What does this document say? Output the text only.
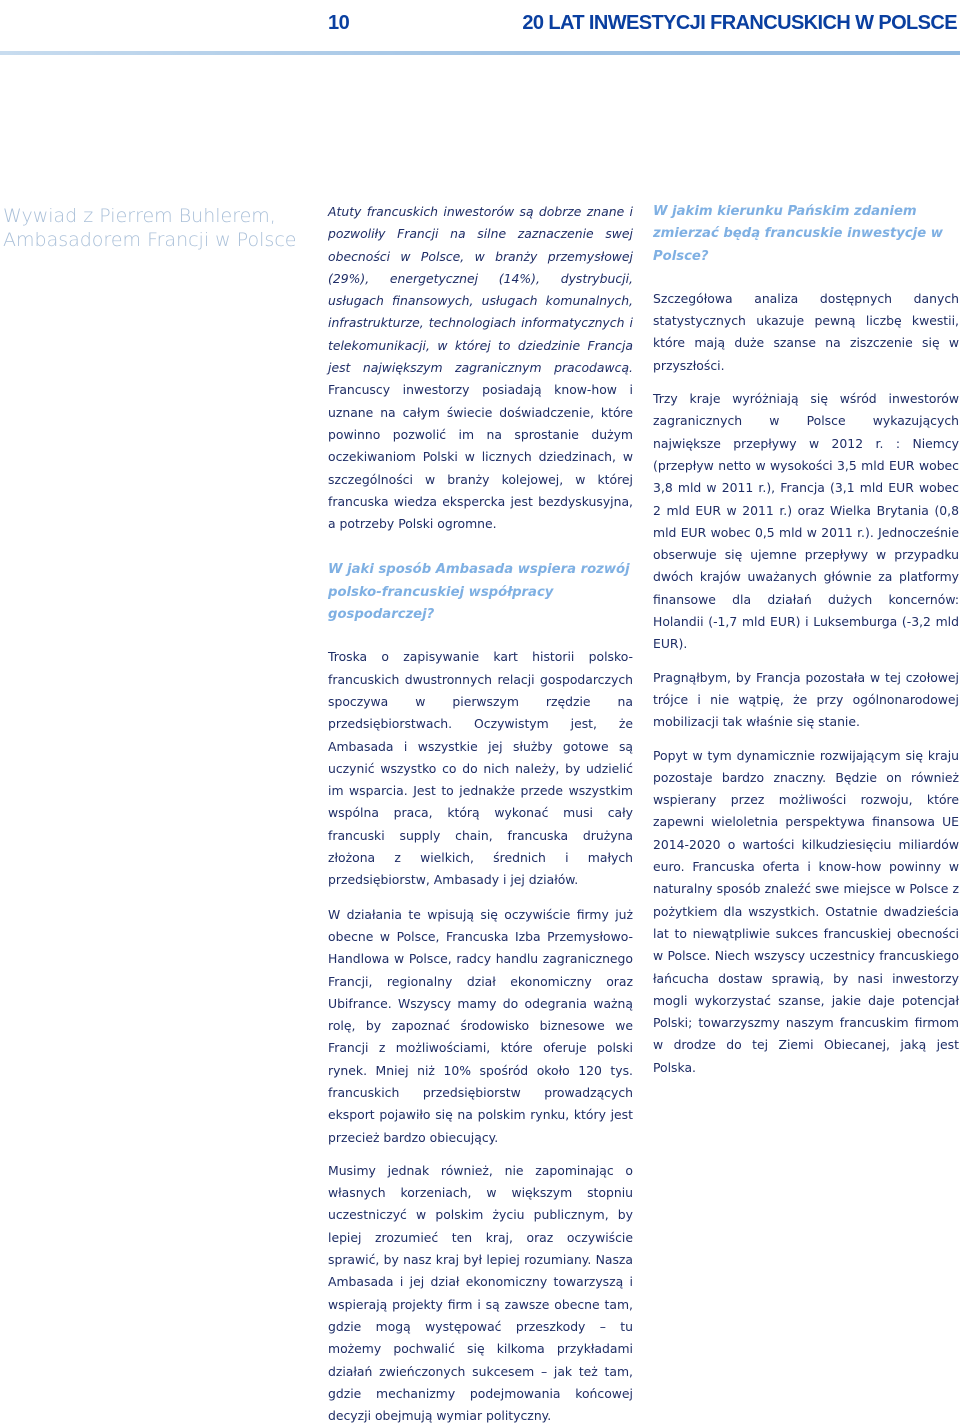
10	20 LAT INWESTYCJI FRANCUSKICH W POLSCE
Wywiad z Pierrem Buhlerem, Ambasadorem Francji w Polsce

Atuty francuskich inwestorów są dobrze znane i pozwoliły Francji na silne zaznaczenie swej obecności w Polsce, w branży przemysłowej (29%), energetycznej (14%), dystrybucji, usługach finansowych, usługach komunalnych, infrastrukturze, technologiach informatycznych i telekomunikacji, w której to dziedzinie Francja jest największym zagranicznym pracodawcą. Francuscy inwestorzy posiadają know-how i uznane na całym świecie doświadczenie, które powinno pozwolić im na sprostanie dużym oczekiwaniom Polski w licznych dziedzinach, w szczególności w branży kolejowej, w której francuska wiedza ekspercka jest bezdyskusyjna, a potrzeby Polski ogromne.

W jaki sposób Ambasada wspiera rozwój polsko-francuskiej współpracy gospodarczej?

Troska o zapisywanie kart historii polsko-francuskich dwustronnych relacji gospodarczych spoczywa w pierwszym rzędzie na przedsiębiorstwach. Oczywistym jest, że Ambasada i wszystkie jej służby gotowe są uczynić wszystko co do nich należy, by udzielić im wsparcia. Jest to jednakże przede wszystkim wspólna praca, którą wykonać musi cały francuski supply chain, francuska drużyna złożona z wielkich, średnich i małych przedsiębiorstw, Ambasady i jej działów.

W działania te wpisują się oczywiście firmy już obecne w Polsce, Francuska Izba Przemysłowo-Handlowa w Polsce, radcy handlu zagranicznego Francji, regionalny dział ekonomiczny oraz Ubifrance. Wszyscy mamy do odegrania ważną rolę, by zapoznać środowisko biznesowe we Francji z możliwościami, które oferuje polski rynek. Mniej niż 10% spośród około 120 tys. francuskich przedsiębiorstw prowadzących eksport pojawiło się na polskim rynku, który jest przecież bardzo obiecujący.

Musimy jednak również, nie zapominając o własnych korzeniach, w większym stopniu uczestniczyć w polskim życiu publicznym, by lepiej zrozumieć ten kraj, oraz oczywiście sprawić, by nasz kraj był lepiej rozumiany. Nasza Ambasada i jej dział ekonomiczny towarzyszą i wspierają projekty firm i są zawsze obecne tam, gdzie mogą występować przeszkody – tu możemy pochwalić się kilkoma przykładami działań zwieńczonych sukcesem – jak też tam, gdzie mechanizmy podejmowania końcowej decyzji obejmują wymiar polityczny.

W jakim kierunku Pańskim zdaniem zmierzać będą francuskie inwestycje w Polsce?

Szczegółowa analiza dostępnych danych statystycznych ukazuje pewną liczbę kwestii, które mają duże szanse na ziszczenie się w przyszłości.

Trzy kraje wyróżniają się wśród inwestorów zagranicznych w Polsce wykazujących największe przepływy w 2012 r. : Niemcy (przepływ netto w wysokości 3,5 mld EUR wobec 3,8 mld w 2011 r.), Francja (3,1 mld EUR wobec 2 mld EUR w 2011 r.) oraz Wielka Brytania (0,8 mld EUR wobec 0,5 mld w 2011 r.). Jednocześnie obserwuje się ujemne przepływy w przypadku dwóch krajów uważanych głównie za platformy finansowe dla działań dużych koncernów: Holandii (-1,7 mld EUR) i Luksemburga (-3,2 mld EUR).

Pragnąłbym, by Francja pozostała w tej czołowej trójce i nie wątpię, że przy ogólnonarodowej mobilizacji tak właśnie się stanie.

Popyt w tym dynamicznie rozwijającym się kraju pozostaje bardzo znaczny. Będzie on również wspierany przez możliwości rozwoju, które zapewni wieloletnia perspektywa finansowa UE 2014-2020 o wartości kilkudziesięciu miliardów euro. Francuska oferta i know-how powinny w naturalny sposób znaleźć swe miejsce w Polsce z pożytkiem dla wszystkich. Ostatnie dwadzieścia lat to niewątpliwie sukces francuskiej obecności w Polsce. Niech wszyscy uczestnicy francuskiego łańcucha dostaw sprawią, by nasi inwestorzy mogli wykorzystać szanse, jakie daje potencjał Polski; towarzyszmy naszym francuskim firmom w drodze do tej Ziemi Obiecanej, jaką jest Polska.
